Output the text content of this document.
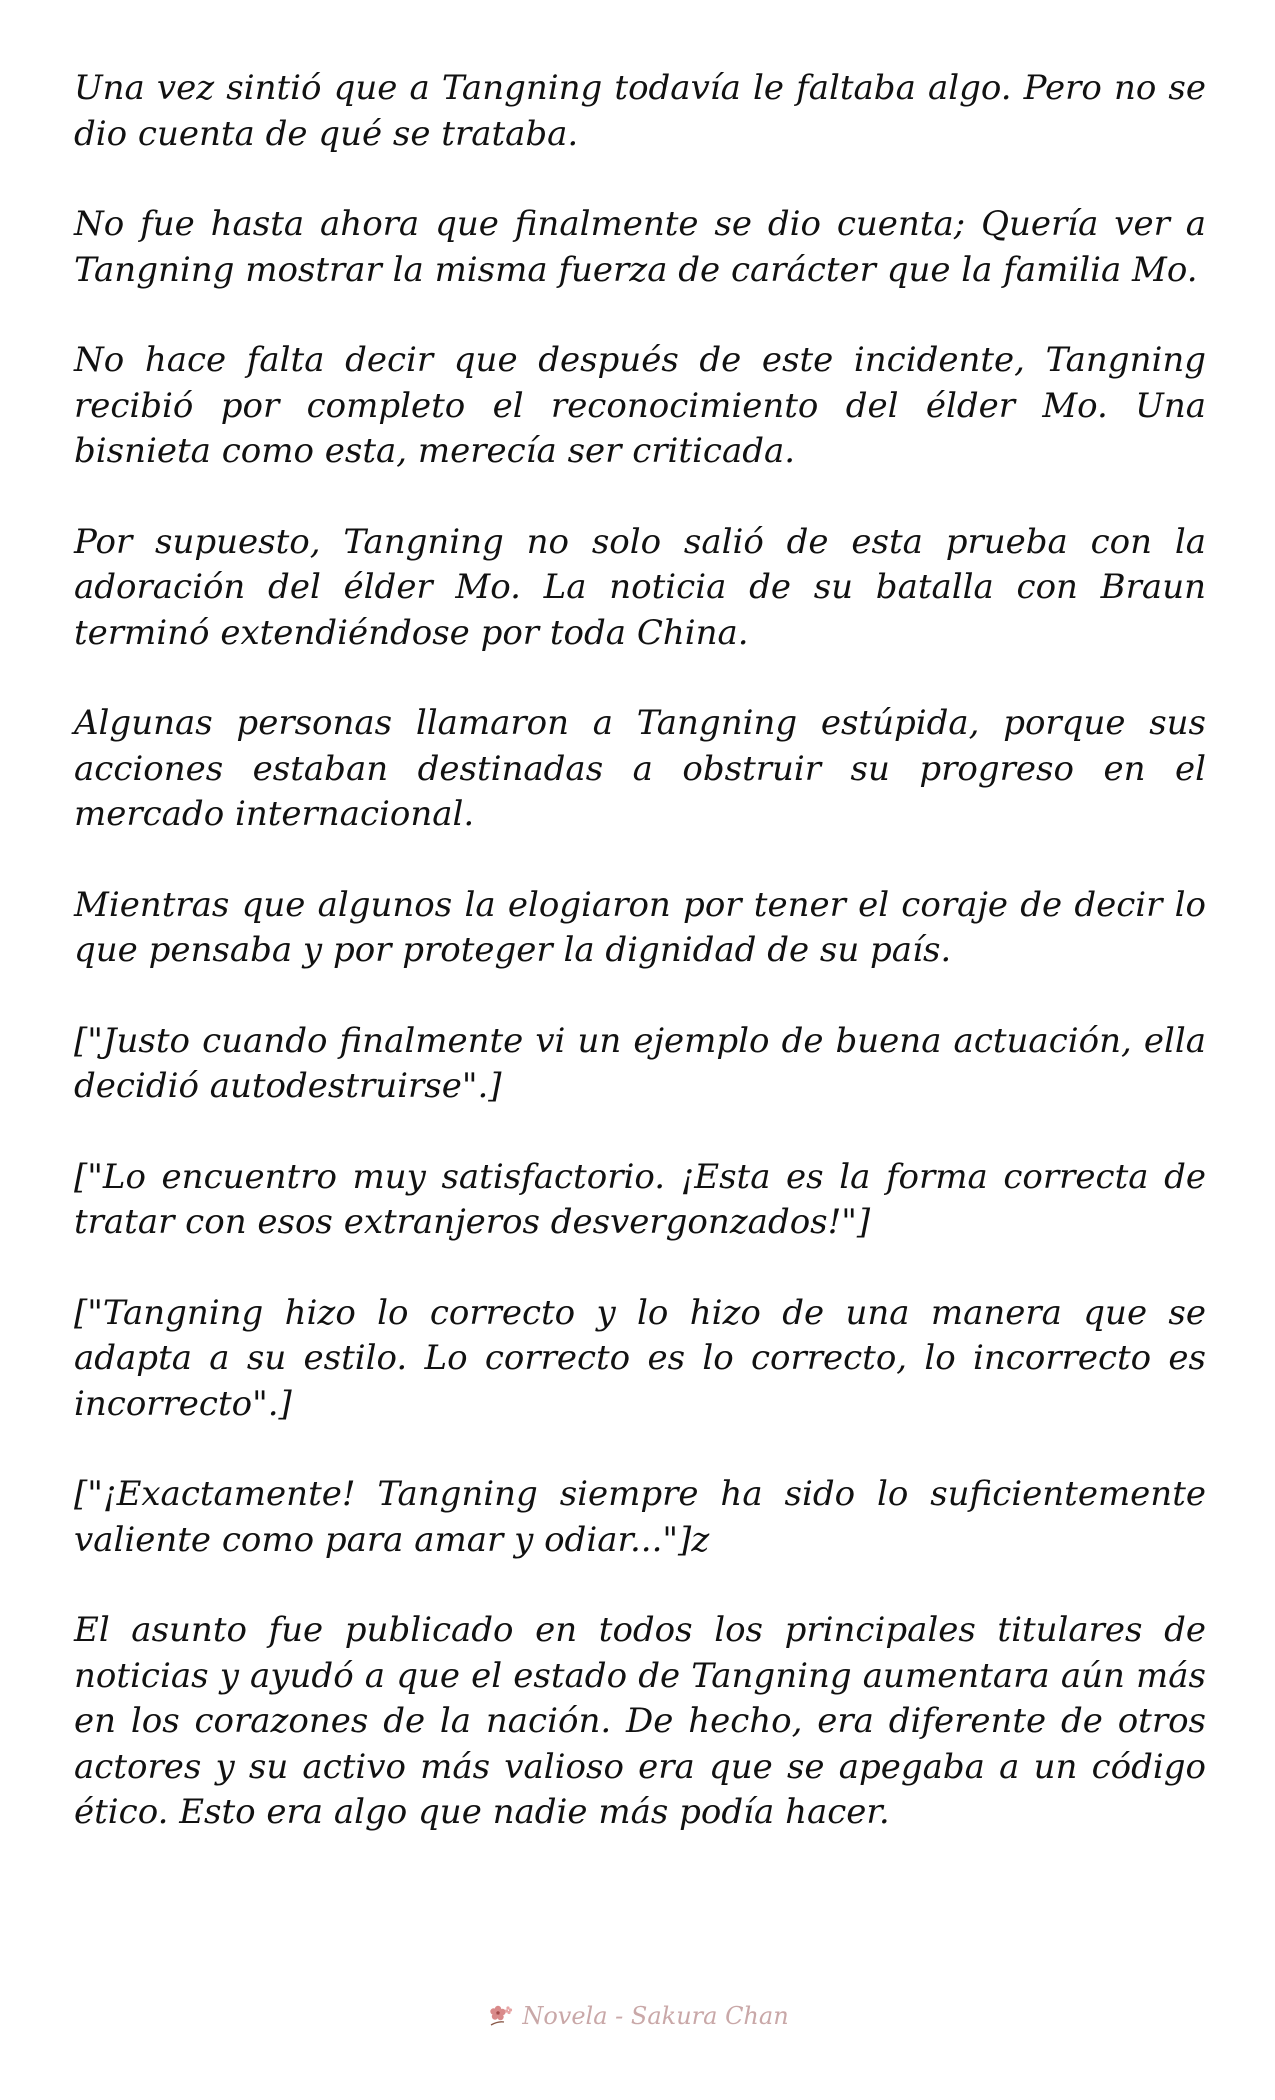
Una vez sintió que a Tangning todavía le faltaba algo. Pero no se dio cuenta de qué se trataba.

No fue hasta ahora que finalmente se dio cuenta; Quería ver a Tangning mostrar la misma fuerza de carácter que la familia Mo.

No hace falta decir que después de este incidente, Tangning recibió por completo el reconocimiento del élder Mo. Una bisnieta como esta, merecía ser criticada.

Por supuesto, Tangning no solo salió de esta prueba con la adoración del élder Mo. La noticia de su batalla con Braun terminó extendiéndose por toda China.

Algunas personas llamaron a Tangning estúpida, porque sus acciones estaban destinadas a obstruir su progreso en el mercado internacional.

Mientras que algunos la elogiaron por tener el coraje de decir lo que pensaba y por proteger la dignidad de su país.

["Justo cuando finalmente vi un ejemplo de buena actuación, ella decidió autodestruirse".]

["Lo encuentro muy satisfactorio. ¡Esta es la forma correcta de tratar con esos extranjeros desvergonzados!"]

["Tangning hizo lo correcto y lo hizo de una manera que se adapta a su estilo. Lo correcto es lo correcto, lo incorrecto es incorrecto".]

["¡Exactamente! Tangning siempre ha sido lo suficientemente valiente como para amar y odiar..."]z

El asunto fue publicado en todos los principales titulares de noticias y ayudó a que el estado de Tangning aumentara aún más en los corazones de la nación. De hecho, era diferente de otros actores y su activo más valioso era que se apegaba a un código ético. Esto era algo que nadie más podía hacer.

Novela - Sakura Chan
